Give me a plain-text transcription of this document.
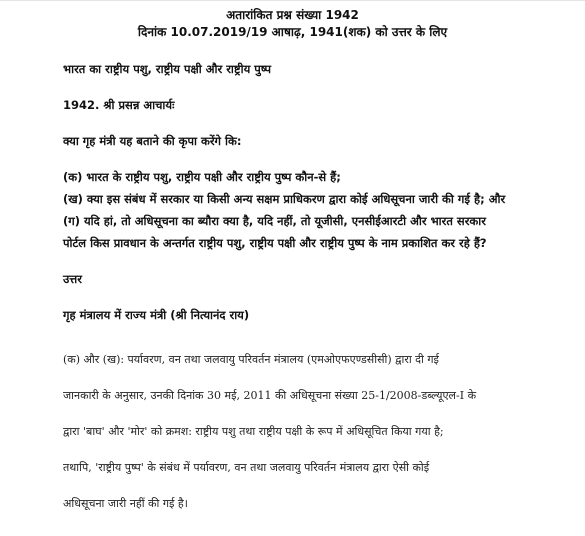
अतारांकित प्रश्न संख्या 1942

दिनांक 10.07.2019/19 आषाढ़, 1941(शक) को उत्तर के लिए

भारत का राष्ट्रीय पशु, राष्ट्रीय पक्षी और राष्ट्रीय पुष्प

1942. श्री प्रसन्न आचार्यः

क्या गृह मंत्री यह बताने की कृपा करेंगे कि:

(क) भारत के राष्ट्रीय पशु, राष्ट्रीय पक्षी और राष्ट्रीय पुष्प कौन-से हैं;

(ख) क्या इस संबंध में सरकार या किसी अन्य सक्षम प्राधिकरण द्वारा कोई अधिसूचना जारी की गई है; और

(ग) यदि हां, तो अधिसूचना का ब्यौरा क्या है, यदि नहीं, तो यूजीसी, एनसीईआरटी और भारत सरकार

पोर्टल किस प्रावधान के अन्तर्गत राष्ट्रीय पशु, राष्ट्रीय पक्षी और राष्ट्रीय पुष्प के नाम प्रकाशित कर रहे हैं?

उत्तर

गृह मंत्रालय में राज्य मंत्री (श्री नित्यानंद राय)

(क) और (ख): पर्यावरण, वन तथा जलवायु परिवर्तन मंत्रालय (एमओएफएण्डसीसी) द्वारा दी गई

जानकारी के अनुसार, उनकी दिनांक 30 मई, 2011 की अधिसूचना संख्या 25-1/2008-डब्ल्यूएल-I के

द्वारा 'बाघ' और 'मोर' को क्रमश: राष्ट्रीय पशु तथा राष्ट्रीय पक्षी के रूप में अधिसूचित किया गया है;

तथापि, 'राष्ट्रीय पुष्प' के संबंध में पर्यावरण, वन तथा जलवायु परिवर्तन मंत्रालय द्वारा ऐसी कोई

अधिसूचना जारी नहीं की गई है।
